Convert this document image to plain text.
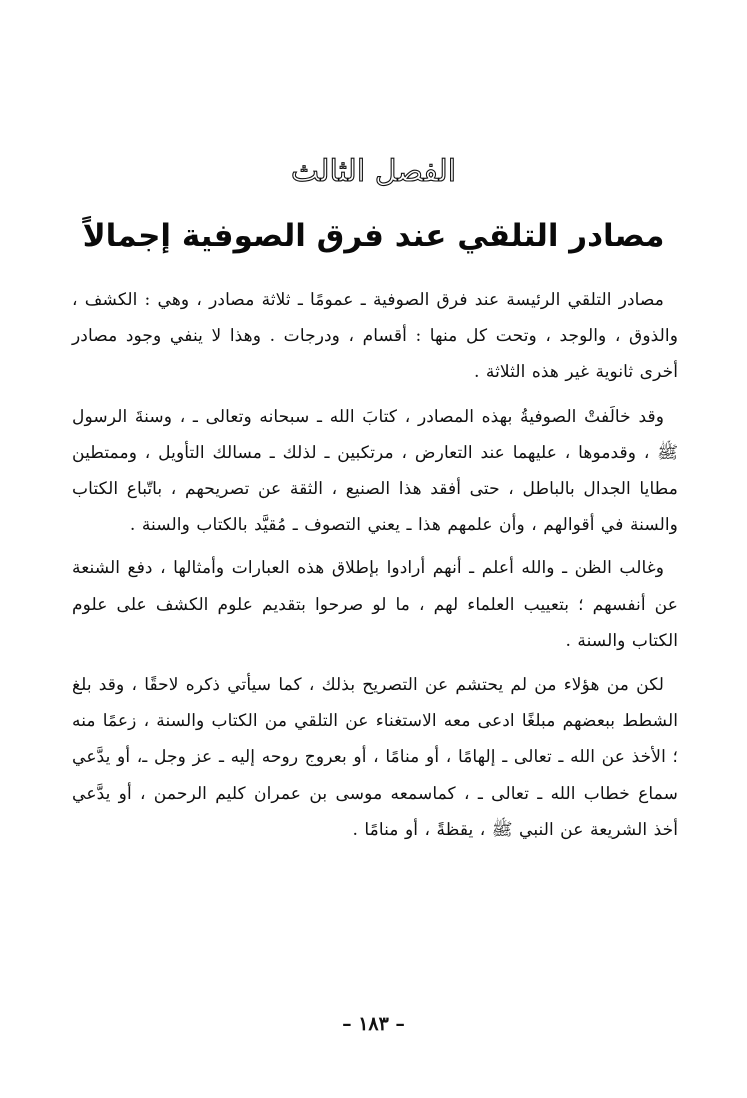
الفصل الثالث
مصادر التلقي عند فرق الصوفية إجمالاً

مصادر التلقي الرئيسة عند فرق الصوفية ـ عمومًا ـ ثلاثة مصادر ، وهي : الكشف ، والذوق ، والوجد ، وتحت كل منها : أقسام ، ودرجات . وهذا لا ينفي وجود مصادر أخرى ثانوية غير هذه الثلاثة .

وقد خالَفتْ الصوفيةُ بهذه المصادر ، كتابَ الله ـ سبحانه وتعالى ـ ، وسنةَ الرسول ﷺ ، وقدموها ، عليهما عند التعارض ، مرتكبين ـ لذلك ـ مسالك التأويل ، وممتطين مطايا الجدال بالباطل ، حتى أفقد هذا الصنيع ، الثقة عن تصريحهم ، باتّباع الكتاب والسنة في أقوالهم ، وأن علمهم هذا ـ يعني التصوف ـ مُقيَّد بالكتاب والسنة .

وغالب الظن ـ والله أعلم ـ أنهم أرادوا بإطلاق هذه العبارات وأمثالها ، دفع الشنعة عن أنفسهم ؛ بتعييب العلماء لهم ، ما لو صرحوا بتقديم علوم الكشف على علوم الكتاب والسنة .

لكن من هؤلاء من لم يحتشم عن التصريح بذلك ، كما سيأتي ذكره لاحقًا ، وقد بلغ الشطط ببعضهم مبلغًا ادعى معه الاستغناء عن التلقي من الكتاب والسنة ، زعمًا منه ؛ الأخذ عن الله ـ تعالى ـ إلهامًا ، أو منامًا ، أو بعروج روحه إليه ـ عز وجل ـ، أو يدَّعي سماع خطاب الله ـ تعالى ـ ، كماسمعه موسى بن عمران كليم الرحمن ، أو يدَّعي أخذ الشريعة عن النبي ﷺ ، يقظةً ، أو منامًا .

– ١٨٣ –
